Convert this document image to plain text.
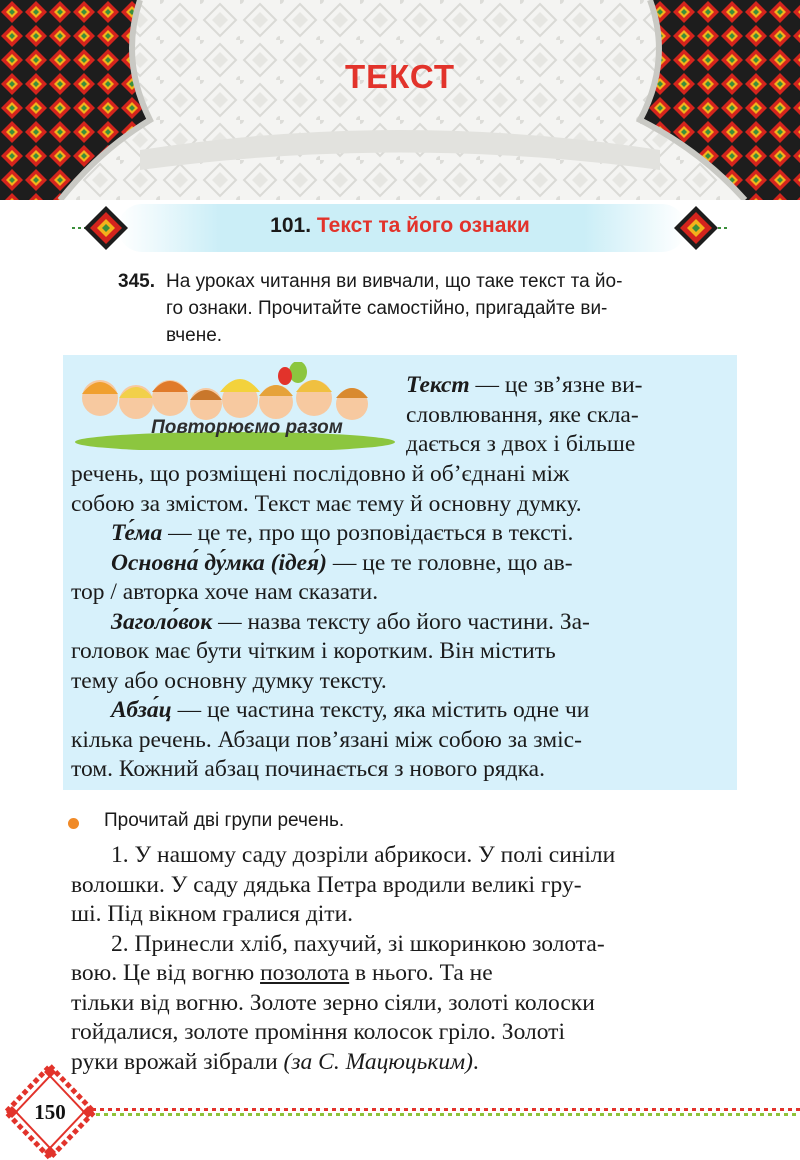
ТЕКСТ
101. Текст та його ознаки
345. На уроках читання ви вивчали, що таке текст та йо-
го ознаки. Прочитайте самостійно, пригадайте ви-
вчене.
Повторюємо разом
Текст — це зв’язне ви-
словлювання, яке скла-
дається з двох і більше
речень, що розміщені послідовно й об’єднані між
собою за змістом. Текст має тему й основну думку.
Те́ма — це те, про що розповідається в тексті.
Основна́ ду́мка (ідея́) — це те головне, що ав-
тор / авторка хоче нам сказати.
Заголо́вок — назва тексту або його частини. За-
головок має бути чітким і коротким. Він містить
тему або основну думку тексту.
Абза́ц — це частина тексту, яка містить одне чи
кілька речень. Абзаци пов’язані між собою за зміс-
том. Кожний абзац починається з нового рядка.
Прочитай дві групи речень.
1. У нашому саду дозріли абрикоси. У полі синіли
волошки. У саду дядька Петра вродили великі гру-
ші. Під вікном гралися діти.
2. Принесли хліб, пахучий, зі шкоринкою золота-
вою. Це від вогню позолота в нього. Та не
тільки від вогню. Золоте зерно сіяли, золоті колоски
гойдалися, золоте проміння колосок гріло. Золоті
руки врожай зібрали (за С. Мацюцьким).
150
